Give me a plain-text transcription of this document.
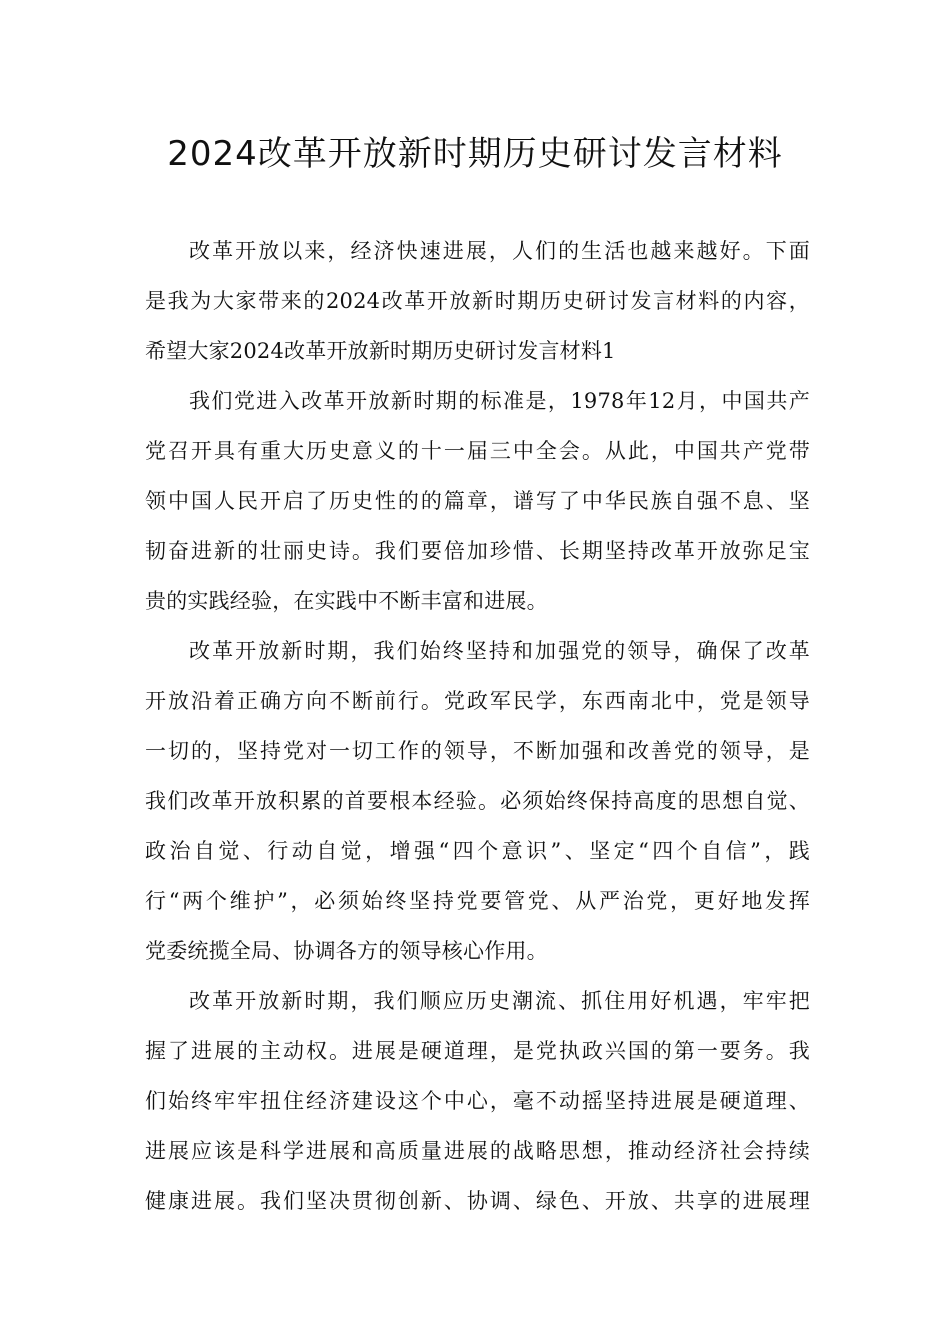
2024改革开放新时期历史研讨发言材料
改革开放以来，经济快速进展，人们的生活也越来越好。下面
是我为大家带来的2024改革开放新时期历史研讨发言材料的内容，
希望大家2024改革开放新时期历史研讨发言材料1
我们党进入改革开放新时期的标准是，1978年12月，中国共产
党召开具有重大历史意义的十一届三中全会。从此，中国共产党带
领中国人民开启了历史性的的篇章，谱写了中华民族自强不息、坚
韧奋进新的壮丽史诗。我们要倍加珍惜、长期坚持改革开放弥足宝
贵的实践经验，在实践中不断丰富和进展。
改革开放新时期，我们始终坚持和加强党的领导，确保了改革
开放沿着正确方向不断前行。党政军民学，东西南北中，党是领导
一切的，坚持党对一切工作的领导，不断加强和改善党的领导，是
我们改革开放积累的首要根本经验。必须始终保持高度的思想自觉、
政治自觉、行动自觉，增强“四个意识”、坚定“四个自信”，践
行“两个维护”，必须始终坚持党要管党、从严治党，更好地发挥
党委统揽全局、协调各方的领导核心作用。
改革开放新时期，我们顺应历史潮流、抓住用好机遇，牢牢把
握了进展的主动权。进展是硬道理，是党执政兴国的第一要务。我
们始终牢牢扭住经济建设这个中心，毫不动摇坚持进展是硬道理、
进展应该是科学进展和高质量进展的战略思想，推动经济社会持续
健康进展。我们坚决贯彻创新、协调、绿色、开放、共享的进展理
